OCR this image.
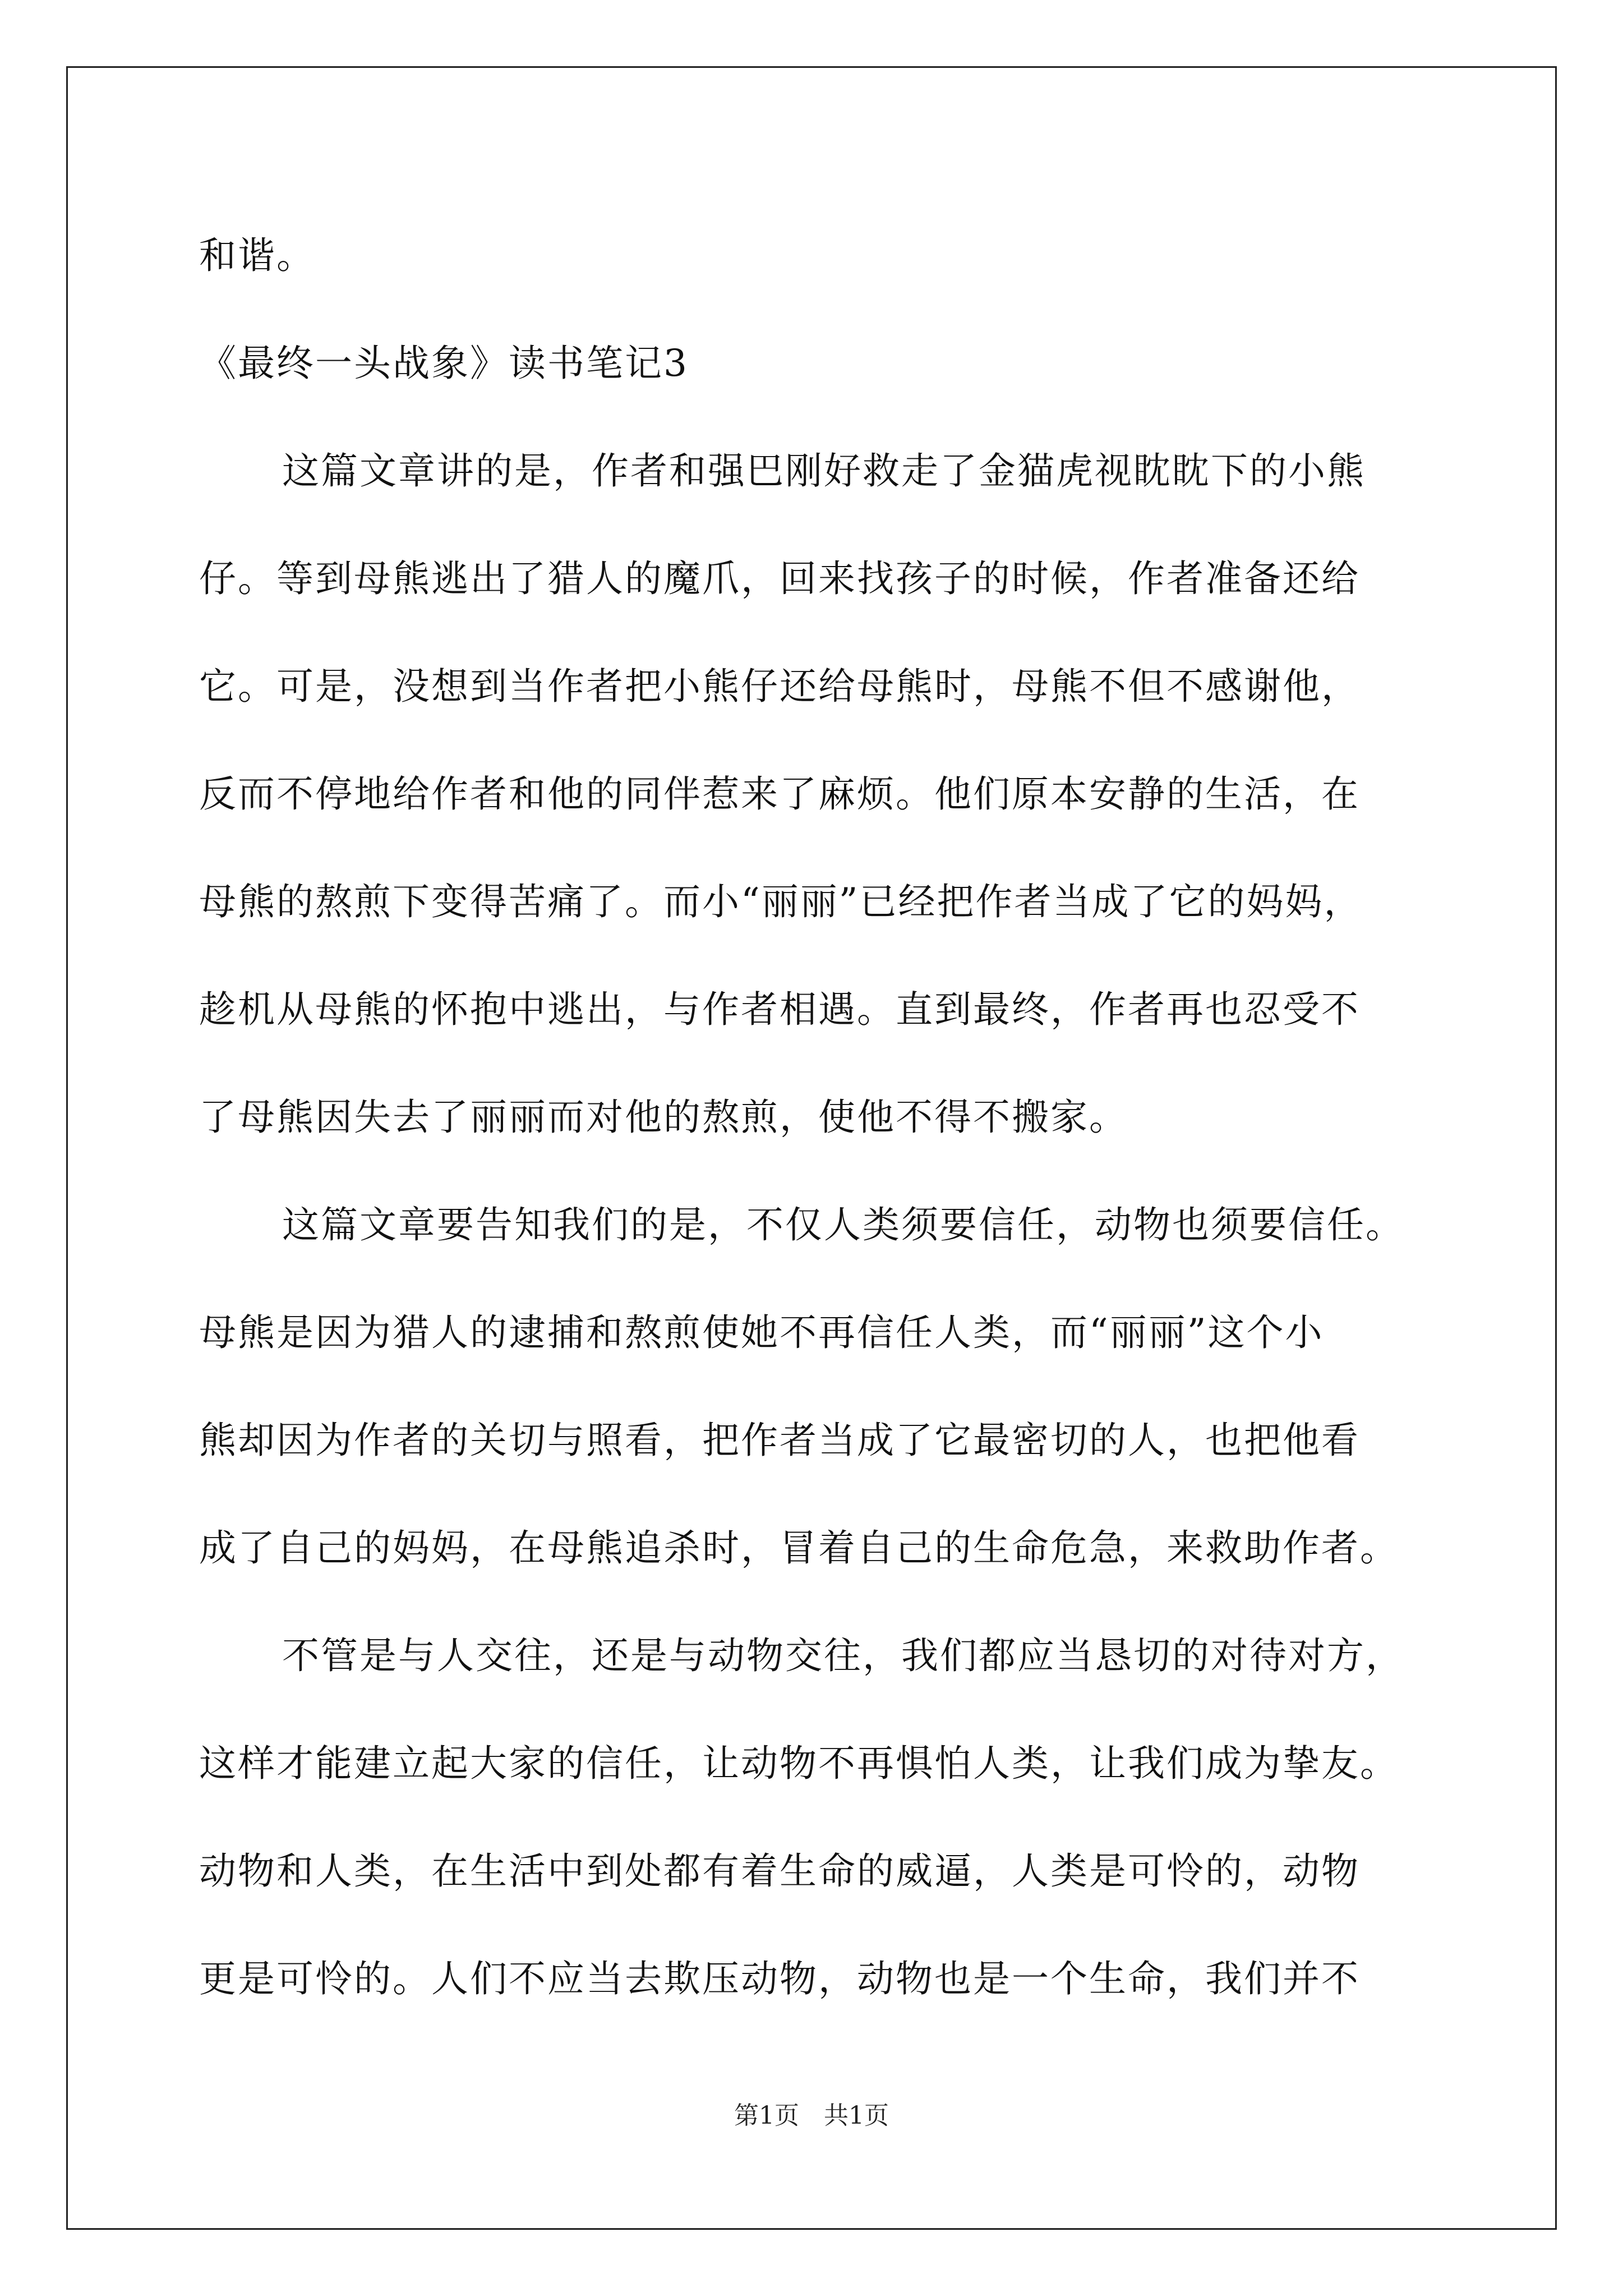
和谐。
《最终一头战象》读书笔记3
这篇文章讲的是，作者和强巴刚好救走了金猫虎视眈眈下的小熊
仔。等到母熊逃出了猎人的魔爪，回来找孩子的时候，作者准备还给
它。可是，没想到当作者把小熊仔还给母熊时，母熊不但不感谢他，
反而不停地给作者和他的同伴惹来了麻烦。他们原本安静的生活，在
母熊的熬煎下变得苦痛了。而小“丽丽”已经把作者当成了它的妈妈，
趁机从母熊的怀抱中逃出，与作者相遇。直到最终，作者再也忍受不
了母熊因失去了丽丽而对他的熬煎，使他不得不搬家。
这篇文章要告知我们的是，不仅人类须要信任，动物也须要信任。
母熊是因为猎人的逮捕和熬煎使她不再信任人类，而“丽丽”这个小
熊却因为作者的关切与照看，把作者当成了它最密切的人，也把他看
成了自己的妈妈，在母熊追杀时，冒着自己的生命危急，来救助作者。
不管是与人交往，还是与动物交往，我们都应当恳切的对待对方，
这样才能建立起大家的信任，让动物不再惧怕人类，让我们成为挚友。
动物和人类，在生活中到处都有着生命的威逼，人类是可怜的，动物
更是可怜的。人们不应当去欺压动物，动物也是一个生命，我们并不
第1页　共1页
